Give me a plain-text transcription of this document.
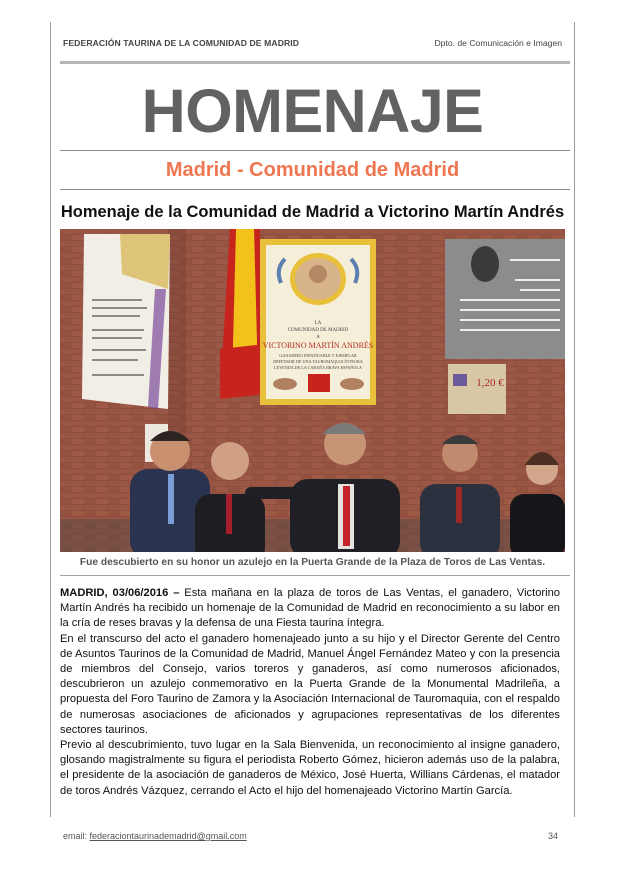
FEDERACIÓN TAURINA DE LA COMUNIDAD DE MADRID	Dpto. de Comunicación e Imagen
HOMENAJE
Madrid - Comunidad de Madrid
Homenaje de la Comunidad de Madrid a Victorino Martín Andrés
LA
COMUNIDAD DE MADRID
A
VICTORINO MARTÍN ANDRÉS
GANADERO INFATIGABLE Y EJEMPLAR
DEFENSOR DE UNA TAUROMAQUIA ÍNTEGRA
LEYENDA DE LA CABAÑA BRAVA ESPAÑOLA
1,20 €
Fue descubierto en su honor un azulejo en la Puerta Grande de la Plaza de Toros de Las Ventas.

MADRID, 03/06/2016 – Esta mañana en la plaza de toros de Las Ventas, el ganadero, Victorino Martín Andrés ha recibido un homenaje de la Comunidad de Madrid en reconocimiento a su labor en la cría de reses bravas y la defensa de una Fiesta taurina íntegra.

En el transcurso del acto el ganadero homenajeado junto a su hijo y el Director Gerente del Centro de Asuntos Taurinos de la Comunidad de Madrid, Manuel Ángel Fernández Mateo y con la presencia de miembros del Consejo, varios toreros y ganaderos, así como numerosos aficionados, descubrieron un azulejo conmemorativo en la Puerta Grande de la Monumental Madrileña, a propuesta del Foro Taurino de Zamora y la Asociación Internacional de Tauromaquia, con el respaldo de numerosas asociaciones de aficionados y agrupaciones representativas de los diferentes sectores taurinos.

Previo al descubrimiento, tuvo lugar en la Sala Bienvenida, un reconocimiento al insigne ganadero, glosando magistralmente su figura el periodista Roberto Gómez, hicieron además uso de la palabra, el presidente de la asociación de ganaderos de México, José Huerta, Willians Cárdenas, el matador de toros Andrés Vázquez, cerrando el Acto el hijo del homenajeado Victorino Martín García.

email: federaciontaurinademadrid@gmail.com	34
